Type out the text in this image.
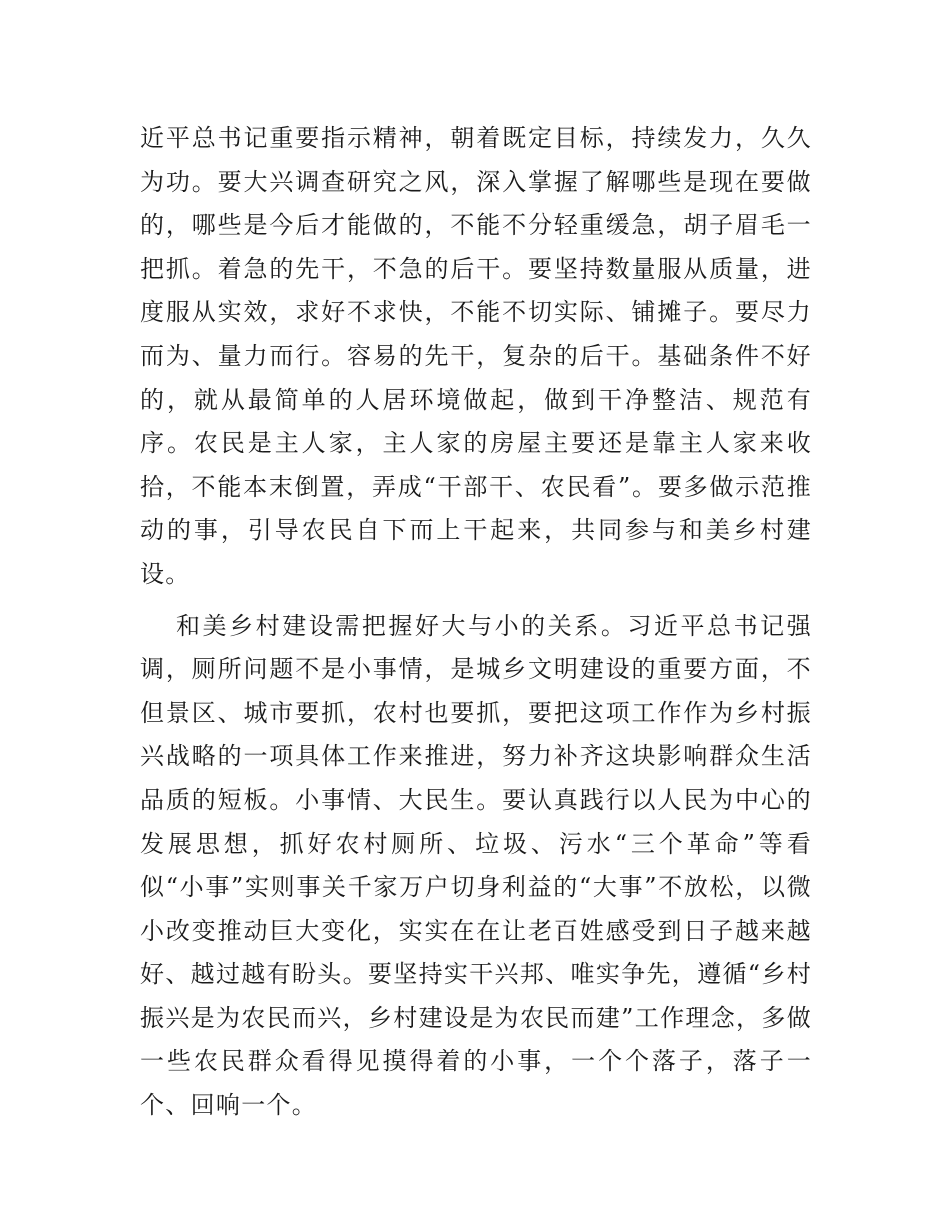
近平总书记重要指示精神，朝着既定目标，持续发力，久久为功。要大兴调查研究之风，深入掌握了解哪些是现在要做的，哪些是今后才能做的，不能不分轻重缓急，胡子眉毛一把抓。着急的先干，不急的后干。要坚持数量服从质量，进度服从实效，求好不求快，不能不切实际、铺摊子。要尽力而为、量力而行。容易的先干，复杂的后干。基础条件不好的，就从最简单的人居环境做起，做到干净整洁、规范有序。农民是主人家，主人家的房屋主要还是靠主人家来收拾，不能本末倒置，弄成“干部干、农民看”。要多做示范推动的事，引导农民自下而上干起来，共同参与和美乡村建设。

和美乡村建设需把握好大与小的关系。习近平总书记强调，厕所问题不是小事情，是城乡文明建设的重要方面，不但景区、城市要抓，农村也要抓，要把这项工作作为乡村振兴战略的一项具体工作来推进，努力补齐这块影响群众生活品质的短板。小事情、大民生。要认真践行以人民为中心的发展思想，抓好农村厕所、垃圾、污水“三个革命”等看似“小事”实则事关千家万户切身利益的“大事”不放松，以微小改变推动巨大变化，实实在在让老百姓感受到日子越来越好、越过越有盼头。要坚持实干兴邦、唯实争先，遵循“乡村振兴是为农民而兴，乡村建设是为农民而建”工作理念，多做一些农民群众看得见摸得着的小事，一个个落子，落子一个、回响一个。
